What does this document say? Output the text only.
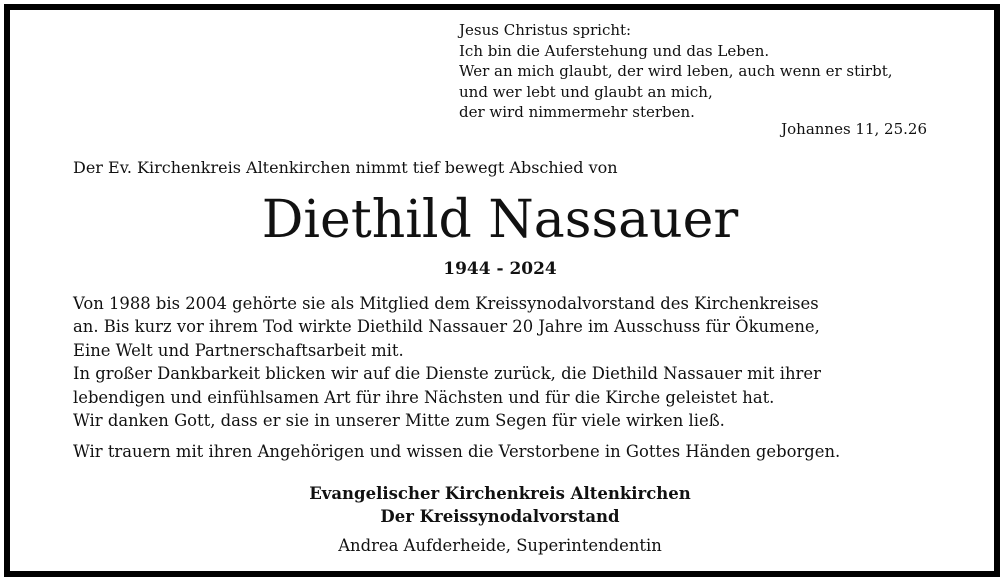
Jesus Christus spricht:
Ich bin die Auferstehung und das Leben.
Wer an mich glaubt, der wird leben, auch wenn er stirbt,
und wer lebt und glaubt an mich,
der wird nimmermehr sterben.
Johannes 11, 25.26
Der Ev. Kirchenkreis Altenkirchen nimmt tief bewegt Abschied von
Diethild Nassauer
1944 - 2024
Von 1988 bis 2004 gehörte sie als Mitglied dem Kreissynodalvorstand des Kirchenkreises
an. Bis kurz vor ihrem Tod wirkte Diethild Nassauer 20 Jahre im Ausschuss für Ökumene,
Eine Welt und Partnerschaftsarbeit mit.
In großer Dankbarkeit blicken wir auf die Dienste zurück, die Diethild Nassauer mit ihrer
lebendigen und einfühlsamen Art für ihre Nächsten und für die Kirche geleistet hat.
Wir danken Gott, dass er sie in unserer Mitte zum Segen für viele wirken ließ.
Wir trauern mit ihren Angehörigen und wissen die Verstorbene in Gottes Händen geborgen.
Evangelischer Kirchenkreis Altenkirchen
Der Kreissynodalvorstand
Andrea Aufderheide, Superintendentin
